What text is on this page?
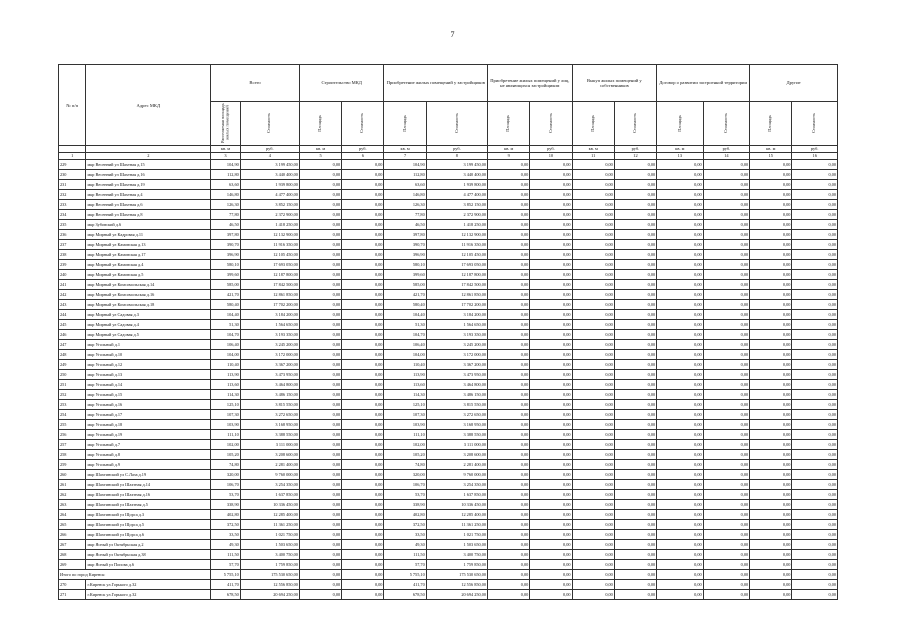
7
№ п/п	Адрес МКД	Всего		Строительство МКД		Приобретение жилых помещений у застройщиков		Приобретение жилых помещений у лиц, не являющихся застройщиком		Выкуп жилых помещений у собственников		Договор о развитии застроенной территории		Другие	
		Расселяемая площадь жилых помещений	Стоимость	Площадь	Стоимость	Площадь	Стоимость	Площадь	Стоимость	Площадь	Стоимость	Площадь	Стоимость	Площадь	Стоимость
		кв. м	руб.	кв. м	руб.	кв. м	руб.	кв. м	руб.	кв. м	руб.	кв. м	руб.	кв. м	руб.
1	2	3	4	5	6	7	8	9	10	11	12	13	14	15	16
229	мкр Весенний ул Шахтная д.15	104,90	3 199 450,00	0,00	0,00	104,90	3 199 450,00	0,00	0,00	0,00	0,00	0,00	0,00	0,00	0,00
230	мкр Весенний ул Шахтная д.16	112,80	3 440 400,00	0,00	0,00	112,80	3 440 400,00	0,00	0,00	0,00	0,00	0,00	0,00	0,00	0,00
231	мкр Весенний ул Шахтная д.19	63,60	1 939 800,00	0,00	0,00	63,60	1 939 800,00	0,00	0,00	0,00	0,00	0,00	0,00	0,00	0,00
232	мкр Весенний ул Шахтная д.4	146,80	4 477 400,00	0,00	0,00	146,80	4 477 400,00	0,00	0,00	0,00	0,00	0,00	0,00	0,00	0,00
233	мкр Весенний ул Шахтная д.6	126,30	3 852 150,00	0,00	0,00	126,30	3 852 150,00	0,00	0,00	0,00	0,00	0,00	0,00	0,00	0,00
234	мкр Весенний ул Шахтная д.8	77,80	2 372 900,00	0,00	0,00	77,80	2 372 900,00	0,00	0,00	0,00	0,00	0,00	0,00	0,00	0,00
235	мкр Зубовский д.6	46,50	1 418 250,00	0,00	0,00	46,50	1 418 250,00	0,00	0,00	0,00	0,00	0,00	0,00	0,00	0,00
236	мкр Мирный ул Кадровая д.11	397,80	12 132 900,00	0,00	0,00	397,80	12 132 900,00	0,00	0,00	0,00	0,00	0,00	0,00	0,00	0,00
237	мкр Мирный ул Камовская д.13	390,70	11 916 350,00	0,00	0,00	390,70	11 916 350,00	0,00	0,00	0,00	0,00	0,00	0,00	0,00	0,00
238	мкр Мирный ул Камовская д.17	396,90	12 105 450,00	0,00	0,00	396,90	12 105 450,00	0,00	0,00	0,00	0,00	0,00	0,00	0,00	0,00
239	мкр Мирный ул Камовская д.4	580,10	17 693 050,00	0,00	0,00	580,10	17 693 050,00	0,00	0,00	0,00	0,00	0,00	0,00	0,00	0,00
240	мкр Мирный ул Камовская д.5	399,60	12 187 800,00	0,00	0,00	399,60	12 187 800,00	0,00	0,00	0,00	0,00	0,00	0,00	0,00	0,00
241	мкр Мирный ул Комсомольская д.14	585,00	17 842 500,00	0,00	0,00	585,00	17 842 500,00	0,00	0,00	0,00	0,00	0,00	0,00	0,00	0,00
242	мкр Мирный ул Комсомольская д.16	421,70	12 861 850,00	0,00	0,00	421,70	12 861 850,00	0,00	0,00	0,00	0,00	0,00	0,00	0,00	0,00
243	мкр Мирный ул Комсомольская д.18	580,40	17 702 200,00	0,00	0,00	580,40	17 702 200,00	0,00	0,00	0,00	0,00	0,00	0,00	0,00	0,00
244	мкр Мирный ул Садовая д.3	104,40	3 184 200,00	0,00	0,00	104,40	3 184 200,00	0,00	0,00	0,00	0,00	0,00	0,00	0,00	0,00
245	мкр Мирный ул Садовая д.4	51,30	1 564 650,00	0,00	0,00	51,30	1 564 650,00	0,00	0,00	0,00	0,00	0,00	0,00	0,00	0,00
246	мкр Мирный ул Садовая д.5	104,70	3 193 350,00	0,00	0,00	104,70	3 193 350,00	0,00	0,00	0,00	0,00	0,00	0,00	0,00	0,00
247	мкр Угольный д.1	106,40	3 245 200,00	0,00	0,00	106,40	3 245 200,00	0,00	0,00	0,00	0,00	0,00	0,00	0,00	0,00
248	мкр Угольный д.10	104,00	3 172 000,00	0,00	0,00	104,00	3 172 000,00	0,00	0,00	0,00	0,00	0,00	0,00	0,00	0,00
249	мкр Угольный д.12	110,40	3 367 200,00	0,00	0,00	110,40	3 367 200,00	0,00	0,00	0,00	0,00	0,00	0,00	0,00	0,00
250	мкр Угольный д.13	113,90	3 473 950,00	0,00	0,00	113,90	3 473 950,00	0,00	0,00	0,00	0,00	0,00	0,00	0,00	0,00
251	мкр Угольный д.14	113,60	3 464 800,00	0,00	0,00	113,60	3 464 800,00	0,00	0,00	0,00	0,00	0,00	0,00	0,00	0,00
252	мкр Угольный д.15	114,30	3 486 150,00	0,00	0,00	114,30	3 486 150,00	0,00	0,00	0,00	0,00	0,00	0,00	0,00	0,00
253	мкр Угольный д.16	125,10	3 815 550,00	0,00	0,00	125,10	3 815 550,00	0,00	0,00	0,00	0,00	0,00	0,00	0,00	0,00
254	мкр Угольный д.17	107,30	3 272 650,00	0,00	0,00	107,30	3 272 650,00	0,00	0,00	0,00	0,00	0,00	0,00	0,00	0,00
255	мкр Угольный д.18	103,90	3 168 950,00	0,00	0,00	103,90	3 168 950,00	0,00	0,00	0,00	0,00	0,00	0,00	0,00	0,00
256	мкр Угольный д.19	111,10	3 388 550,00	0,00	0,00	111,10	3 388 550,00	0,00	0,00	0,00	0,00	0,00	0,00	0,00	0,00
257	мкр Угольный д.7	102,00	3 111 000,00	0,00	0,00	102,00	3 111 000,00	0,00	0,00	0,00	0,00	0,00	0,00	0,00	0,00
258	мкр Угольный д.8	105,20	3 208 600,00	0,00	0,00	105,20	3 208 600,00	0,00	0,00	0,00	0,00	0,00	0,00	0,00	0,00
259	мкр Угольный д.9	74,80	2 281 400,00	0,00	0,00	74,80	2 281 400,00	0,00	0,00	0,00	0,00	0,00	0,00	0,00	0,00
260	мкр Шахтинский ул С.Лаза д.19	320,00	9 760 000,00	0,00	0,00	320,00	9 760 000,00	0,00	0,00	0,00	0,00	0,00	0,00	0,00	0,00
261	мкр Шахтинский ул Шахтная д.14	106,70	3 254 350,00	0,00	0,00	106,70	3 254 350,00	0,00	0,00	0,00	0,00	0,00	0,00	0,00	0,00
262	мкр Шахтинский ул Шахтная д.16	53,70	1 637 850,00	0,00	0,00	53,70	1 637 850,00	0,00	0,00	0,00	0,00	0,00	0,00	0,00	0,00
263	мкр Шахтинский ул Шахтная д.5	338,90	10 336 450,00	0,00	0,00	338,90	10 336 450,00	0,00	0,00	0,00	0,00	0,00	0,00	0,00	0,00
264	мкр Шахтинский ул Щорса д.3	402,80	12 285 400,00	0,00	0,00	402,80	12 285 400,00	0,00	0,00	0,00	0,00	0,00	0,00	0,00	0,00
265	мкр Шахтинский ул Щорса д.5	372,50	11 361 250,00	0,00	0,00	372,50	11 361 250,00	0,00	0,00	0,00	0,00	0,00	0,00	0,00	0,00
266	мкр Шахтинский ул Щорса д.6	33,50	1 021 750,00	0,00	0,00	33,50	1 021 750,00	0,00	0,00	0,00	0,00	0,00	0,00	0,00	0,00
267	мкр Ясный ул Октябрьская д.2	49,30	1 503 650,00	0,00	0,00	49,30	1 503 650,00	0,00	0,00	0,00	0,00	0,00	0,00	0,00	0,00
268	мкр Ясный ул Октябрьская д.38	111,50	3 400 750,00	0,00	0,00	111,50	3 400 750,00	0,00	0,00	0,00	0,00	0,00	0,00	0,00	0,00
269	мкр Ясный ул Попова д.6	57,70	1 759 850,00	0,00	0,00	57,70	1 759 850,00	0,00	0,00	0,00	0,00	0,00	0,00	0,00	0,00
Итого по город Киренск:		5 755,10	175 530 650,00	0,00	0,00	5 755,10	175 530 650,00	0,00	0,00	0,00	0,00	0,00	0,00	0,00	0,00
270	г.Киренск ул.Горького д.32	411,70	12 556 850,00	0,00	0,00	411,70	12 556 850,00	0,00	0,00	0,00	0,00	0,00	0,00	0,00	0,00
271	г.Киренск ул.Горького д.32	678,50	20 694 250,00	0,00	0,00	678,50	20 694 250,00	0,00	0,00	0,00	0,00	0,00	0,00	0,00	0,00
